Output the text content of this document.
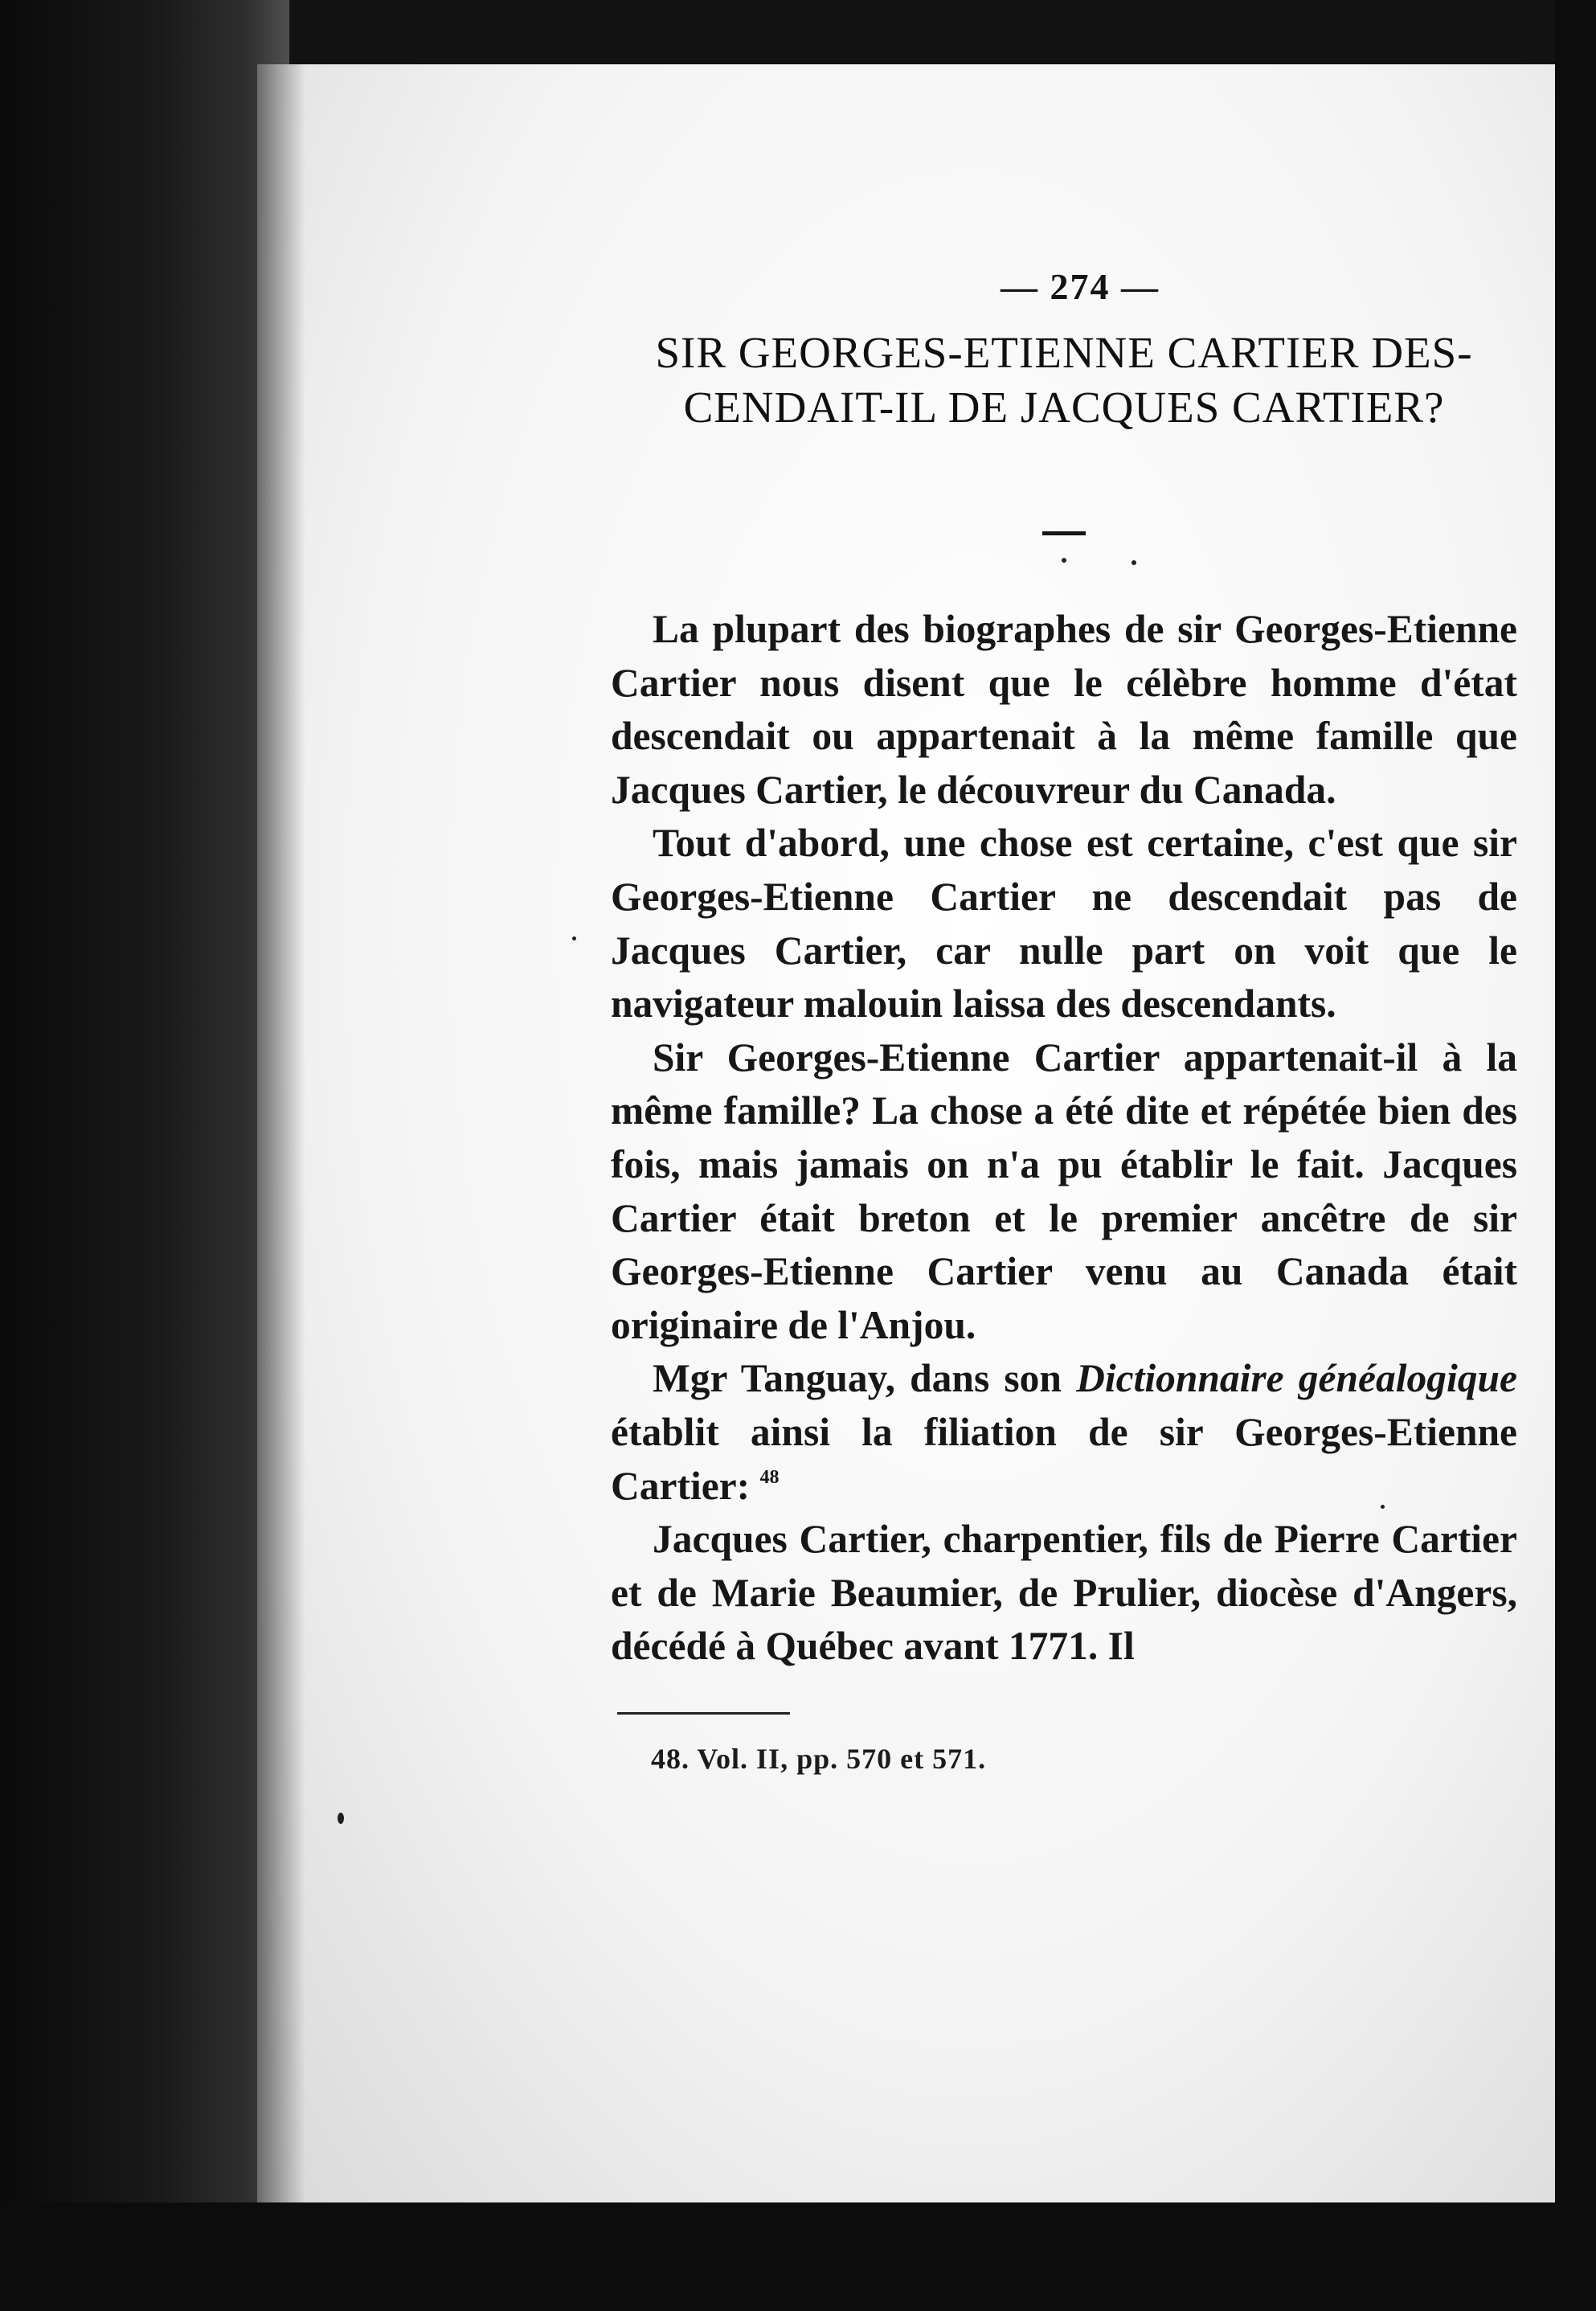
— 274 —
SIR GEORGES-ETIENNE CARTIER DES-
CENDAIT-IL DE JACQUES CARTIER?

La plupart des biographes de sir Georges-Etienne Cartier nous disent que le célèbre homme d'état descendait ou appartenait à la même famille que Jacques Cartier, le découvreur du Canada.

Tout d'abord, une chose est certaine, c'est que sir Georges-Etienne Cartier ne descendait pas de Jacques Cartier, car nulle part on voit que le navigateur malouin laissa des descendants.

Sir Georges-Etienne Cartier appartenait-il à la même famille? La chose a été dite et répétée bien des fois, mais jamais on n'a pu établir le fait. Jacques Cartier était breton et le premier ancêtre de sir Georges-Etienne Cartier venu au Canada était originaire de l'Anjou.

Mgr Tanguay, dans son Dictionnaire généalogique établit ainsi la filiation de sir Georges-Etienne Cartier: $^{48}$

Jacques Cartier, charpentier, fils de Pierre Cartier et de Marie Beaumier, de Prulier, diocèse d'Angers, décédé à Québec avant 1771. Il

48. Vol. II, pp. 570 et 571.
